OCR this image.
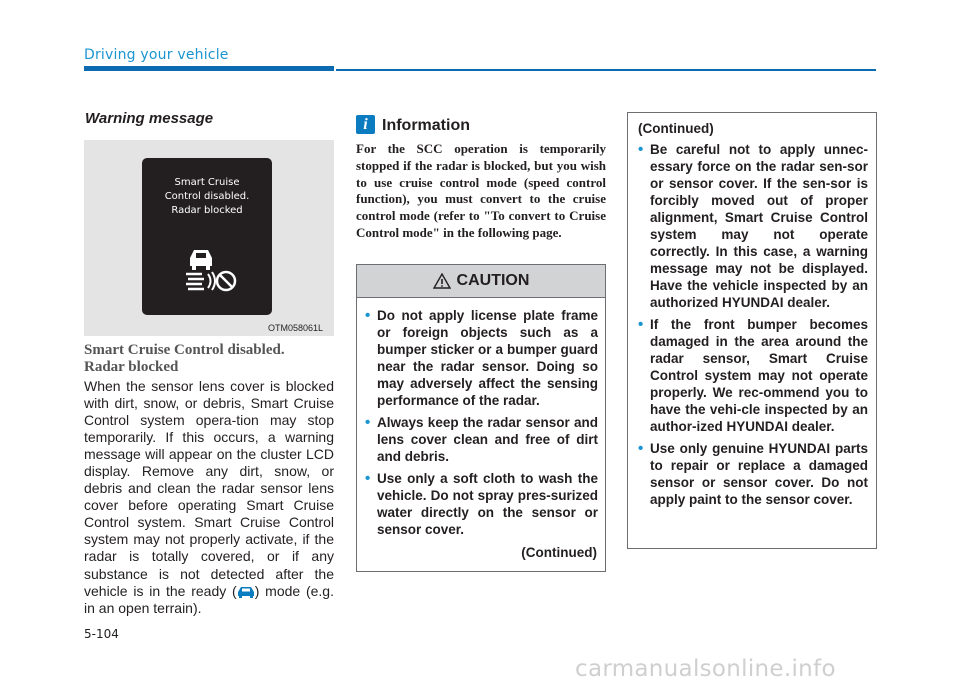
Driving your vehicle
Warning message
Smart Cruise
Control disabled.
Radar blocked
OTM058061L
Smart Cruise Control disabled.
Radar blocked
When the sensor lens cover is blocked with dirt, snow, or debris, Smart Cruise Control system opera-tion may stop temporarily. If this occurs, a warning message will appear on the cluster LCD display. Remove any dirt, snow, or debris and clean the radar sensor lens cover before operating Smart Cruise Control system. Smart Cruise Control system may not properly activate, if the radar is totally covered, or if any substance is not detected after the vehicle is in the ready ( ) mode (e.g. in an open terrain).
i Information
For the SCC operation is temporarily stopped if the radar is blocked, but you wish to use cruise control mode (speed control function), you must convert to the cruise control mode (refer to "To convert to Cruise Control mode" in the following page.
CAUTION
• Do not apply license plate frame or foreign objects such as a bumper sticker or a bumper guard near the radar sensor. Doing so may adversely affect the sensing performance of the radar.
• Always keep the radar sensor and lens cover clean and free of dirt and debris.
• Use only a soft cloth to wash the vehicle. Do not spray pres-surized water directly on the sensor or sensor cover.
(Continued)
(Continued)
• Be careful not to apply unnec-essary force on the radar sen-sor or sensor cover. If the sen-sor is forcibly moved out of proper alignment, Smart Cruise Control system may not operate correctly. In this case, a warning message may not be displayed. Have the vehicle inspected by an authorized HYUNDAI dealer.
• If the front bumper becomes damaged in the area around the radar sensor, Smart Cruise Control system may not operate properly. We rec-ommend you to have the vehi-cle inspected by an author-ized HYUNDAI dealer.
• Use only genuine HYUNDAI parts to repair or replace a damaged sensor or sensor cover. Do not apply paint to the sensor cover.
5-104
carmanualsonline.info
